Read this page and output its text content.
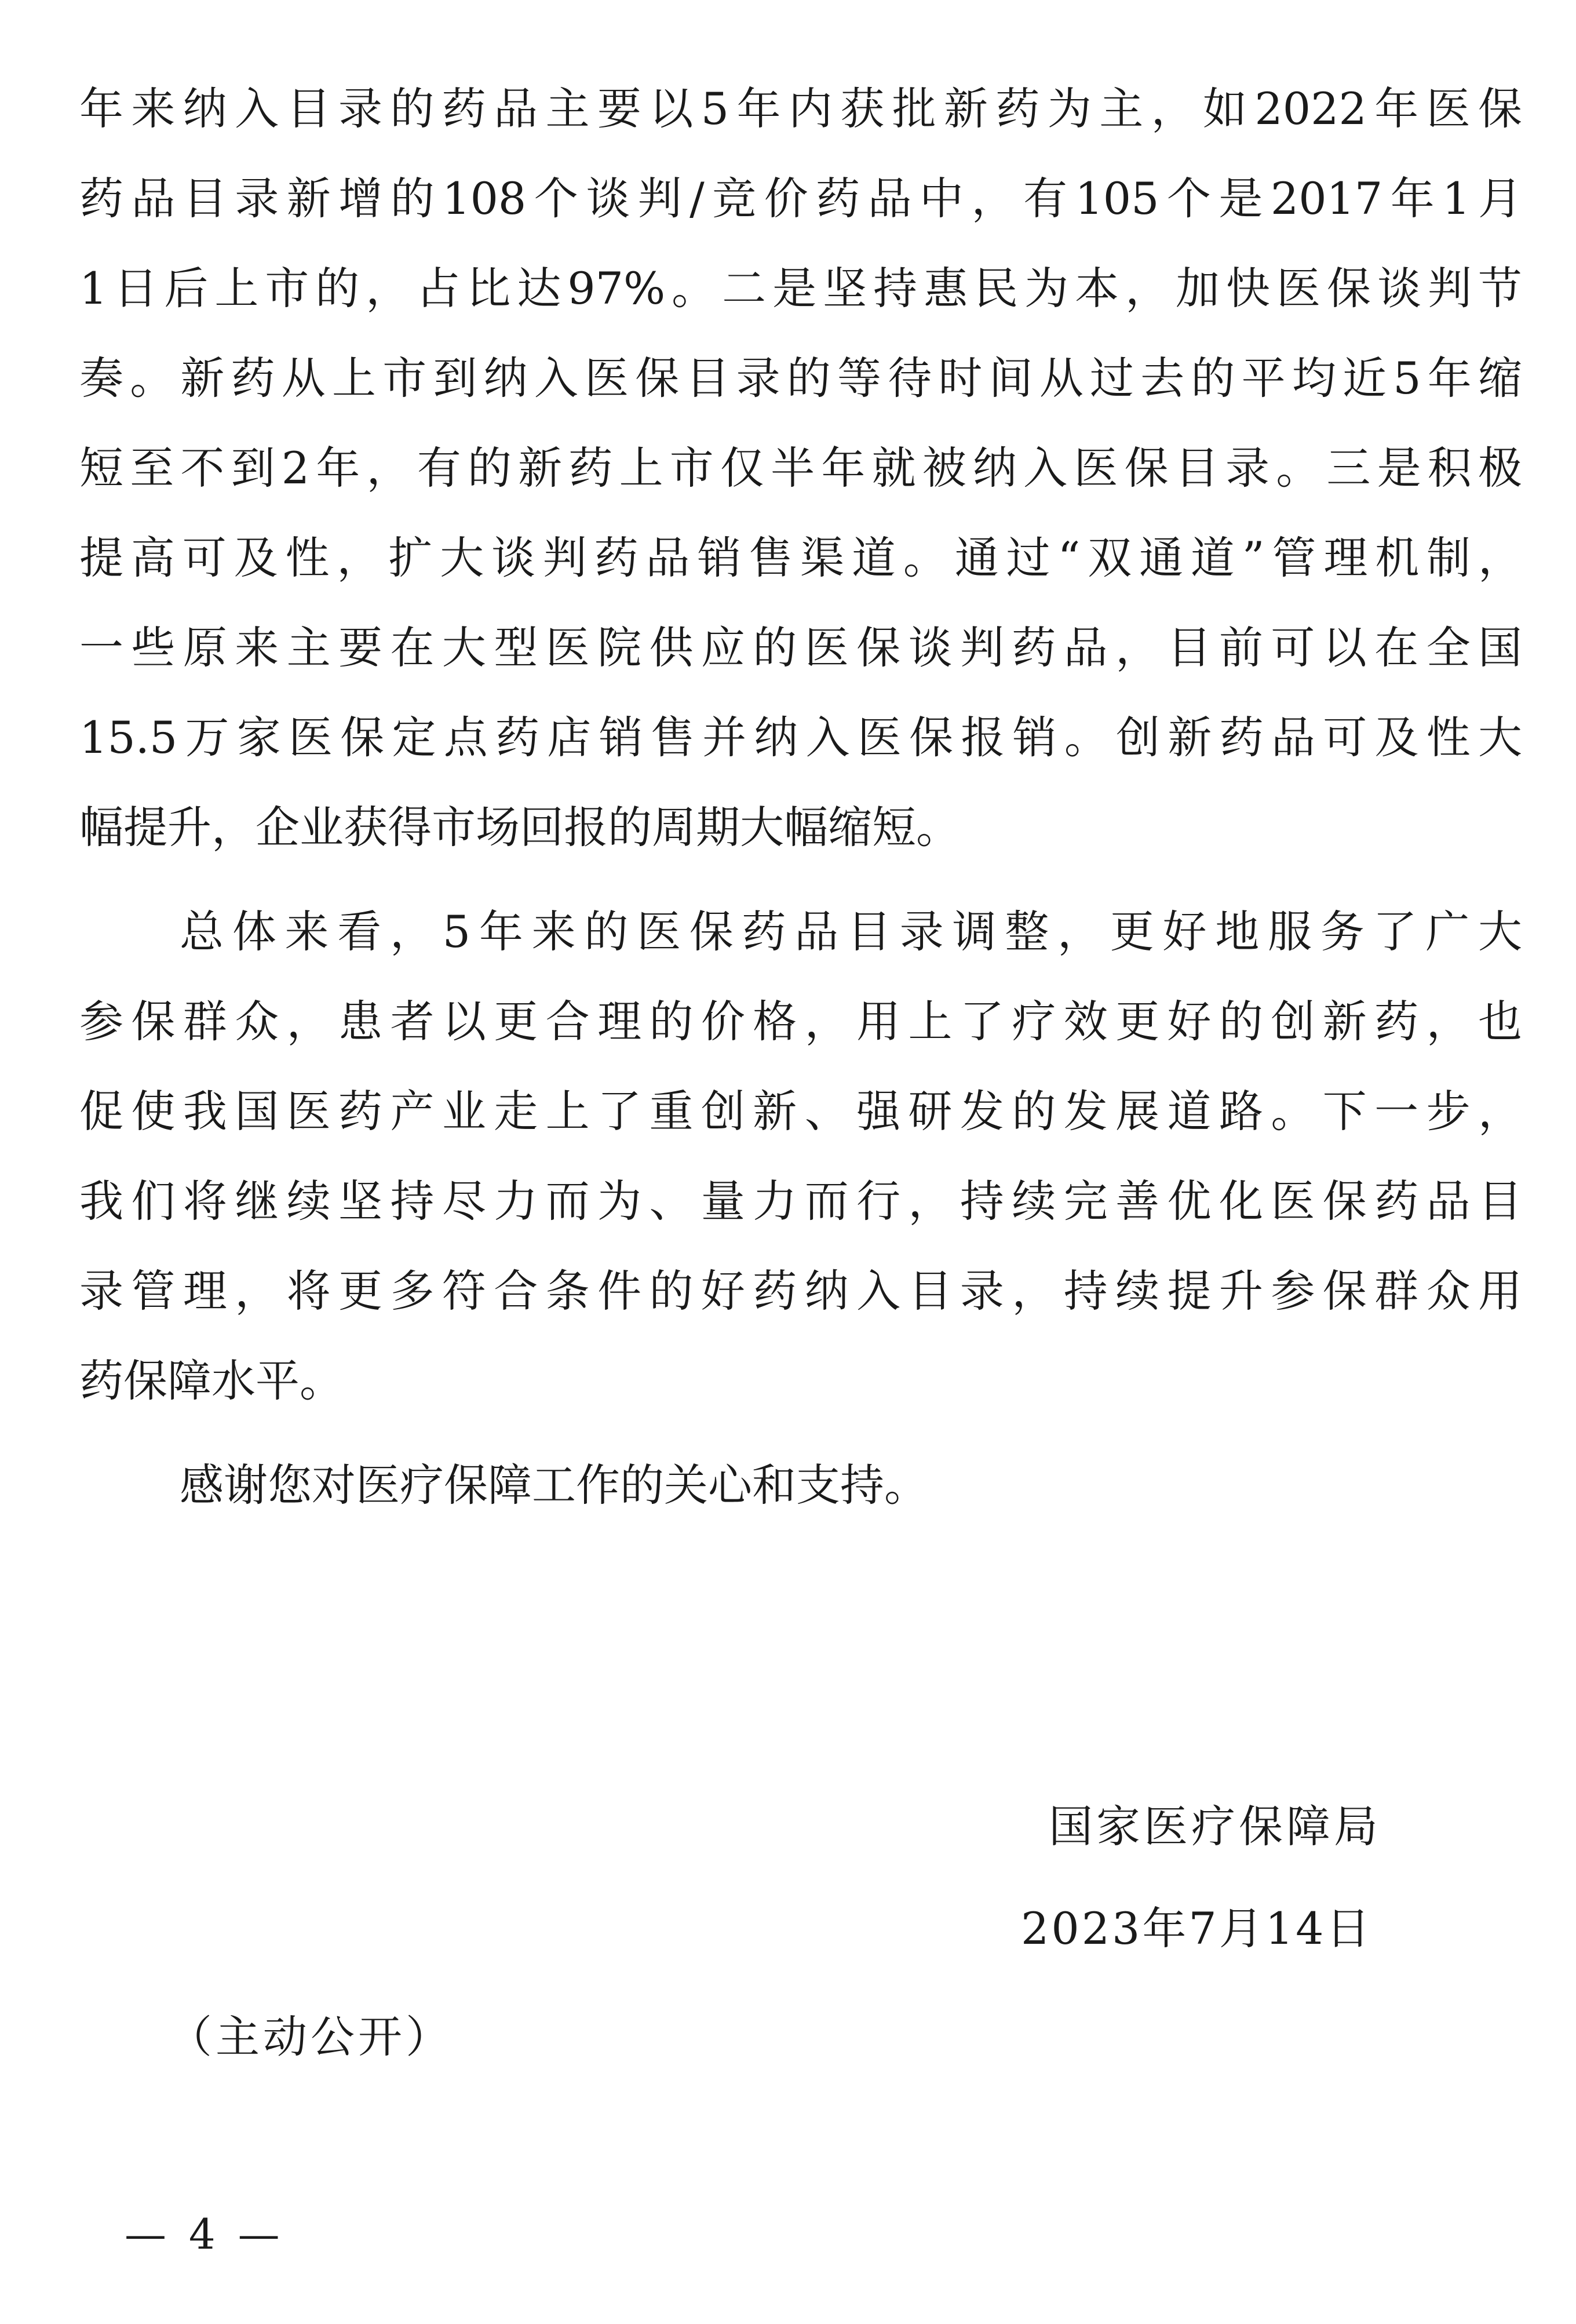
年来纳入目录的药品主要以5年内获批新药为主，如2022年医保
药品目录新增的108个谈判/竞价药品中，有105个是2017年1月
1日后上市的，占比达97%。二是坚持惠民为本，加快医保谈判节
奏。新药从上市到纳入医保目录的等待时间从过去的平均近5年缩
短至不到2年，有的新药上市仅半年就被纳入医保目录。三是积极
提高可及性，扩大谈判药品销售渠道。通过“双通道”管理机制，
一些原来主要在大型医院供应的医保谈判药品，目前可以在全国
15.5万家医保定点药店销售并纳入医保报销。创新药品可及性大
幅提升，企业获得市场回报的周期大幅缩短。
总体来看，5年来的医保药品目录调整，更好地服务了广大
参保群众，患者以更合理的价格，用上了疗效更好的创新药，也
促使我国医药产业走上了重创新、强研发的发展道路。下一步，
我们将继续坚持尽力而为、量力而行，持续完善优化医保药品目
录管理，将更多符合条件的好药纳入目录，持续提升参保群众用
药保障水平。
感谢您对医疗保障工作的关心和支持。
国家医疗保障局
2023年7月14日
（主动公开）
— 4 —
